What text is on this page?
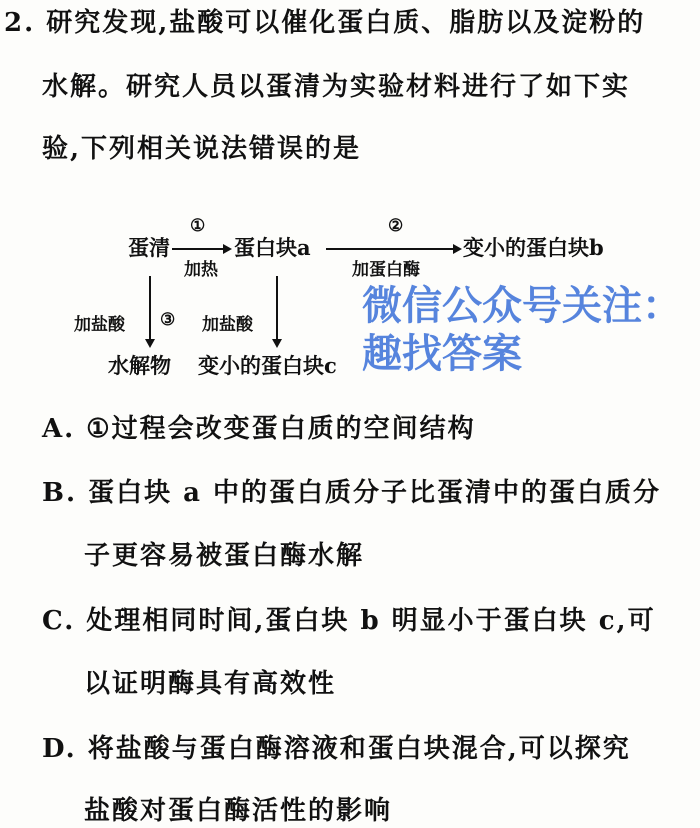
2. 研究发现,盐酸可以催化蛋白质、脂肪以及淀粉的
水解。研究人员以蛋清为实验材料进行了如下实
验,下列相关说法错误的是
蛋清
①
加热
蛋白块a
②
加蛋白酶
变小的蛋白块b
加盐酸 ③ 加盐酸
水解物 变小的蛋白块c
微信公众号关注：趣找答案
A. ①过程会改变蛋白质的空间结构
B. 蛋白块 a 中的蛋白质分子比蛋清中的蛋白质分
子更容易被蛋白酶水解
C. 处理相同时间,蛋白块 b 明显小于蛋白块 c,可
以证明酶具有高效性
D. 将盐酸与蛋白酶溶液和蛋白块混合,可以探究
盐酸对蛋白酶活性的影响
